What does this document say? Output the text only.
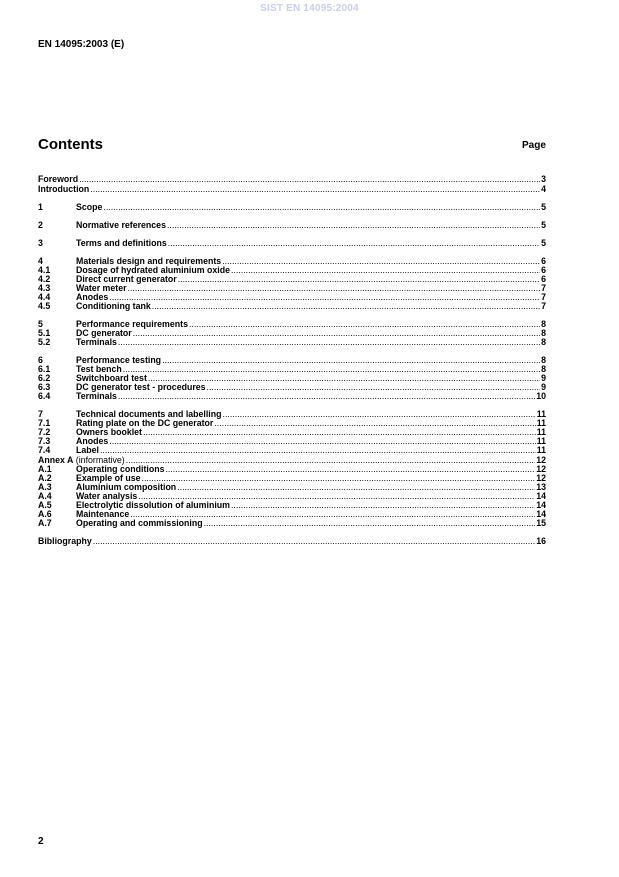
SIST EN 14095:2004
EN 14095:2003 (E)
Contents	Page
Foreword .....	3
Introduction .....	4
1	Scope .....	5
2	Normative references .....	5
3	Terms and definitions .....	5
4	Materials design and requirements .....	6
4.1	Dosage of hydrated aluminium oxide .....	6
4.2	Direct current generator .....	6
4.3	Water meter .....	7
4.4	Anodes .....	7
4.5	Conditioning tank .....	7
5	Performance requirements .....	8
5.1	DC generator .....	8
5.2	Terminals .....	8
6	Performance testing .....	8
6.1	Test bench .....	8
6.2	Switchboard test .....	9
6.3	DC generator test - procedures .....	9
6.4	Terminals .....	10
7	Technical documents and labelling .....	11
7.1	Rating plate on the DC generator .....	11
7.2	Owners booklet .....	11
7.3	Anodes .....	11
7.4	Label .....	11
Annex A (informative) .....	12
A.1	Operating conditions .....	12
A.2	Example of use .....	12
A.3	Aluminium composition .....	13
A.4	Water analysis .....	14
A.5	Electrolytic dissolution of aluminium .....	14
A.6	Maintenance .....	14
A.7	Operating and commissioning .....	15
Bibliography .....	16
2
